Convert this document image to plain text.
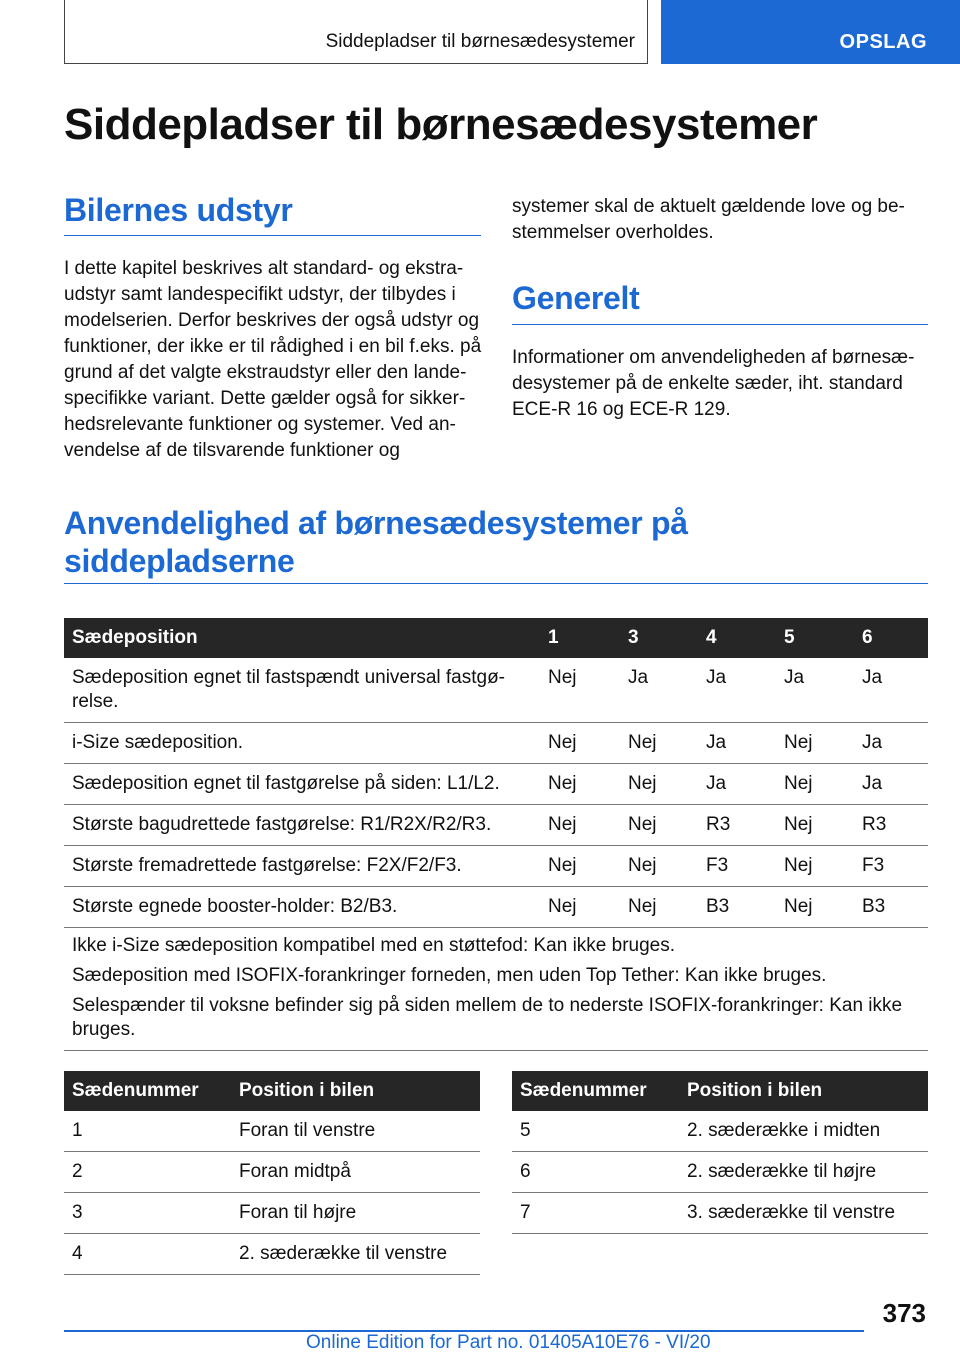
Siddepladser til børnesædesystemer	OPSLAG
Siddepladser til børnesædesystemer
Bilernes udstyr

I dette kapitel beskrives alt standard- og ekstra-
udstyr samt landespecifikt udstyr, der tilbydes i
modelserien. Derfor beskrives der også udstyr og
funktioner, der ikke er til rådighed i en bil f.eks. på
grund af det valgte ekstraudstyr eller den lande-
specifikke variant. Dette gælder også for sikker-
hedsrelevante funktioner og systemer. Ved an-
vendelse af de tilsvarende funktioner og

systemer skal de aktuelt gældende love og be-
stemmelser overholdes.

Generelt

Informationer om anvendeligheden af børnesæ-
desystemer på de enkelte sæder, iht. standard
ECE-R 16 og ECE-R 129.

Anvendelighed af børnesædesystemer på
siddepladserne
Sædeposition	1	3	4	5	6

Sædeposition egnet til fastspændt universal fastgø-
relse.	Nej	Ja	Ja	Ja	Ja
i-Size sædeposition.	Nej	Nej	Ja	Nej	Ja
Sædeposition egnet til fastgørelse på siden: L1/L2.	Nej	Nej	Ja	Nej	Ja
Største bagudrettede fastgørelse: R1/R2X/R2/R3.	Nej	Nej	R3	Nej	R3
Største fremadrettede fastgørelse: F2X/F2/F3.	Nej	Nej	F3	Nej	F3
Største egnede booster-holder: B2/B3.	Nej	Nej	B3	Nej	B3
Ikke i-Size sædeposition kompatibel med en støttefod: Kan ikke bruges.					
Sædeposition med ISOFIX-forankringer forneden, men uden Top Tether: Kan ikke bruges.					

Selespænder til voksne befinder sig på siden mellem de to nederste ISOFIX-forankringer: Kan ikke
bruges.					
Sædenummer	Position i bilen
1	Foran til venstre
2	Foran midtpå
3	Foran til højre
4	2. sæderække til venstre
Sædenummer	Position i bilen
5	2. sæderække i midten
6	2. sæderække til højre
7	3. sæderække til venstre
373
Online Edition for Part no. 01405A10E76 - VI/20
